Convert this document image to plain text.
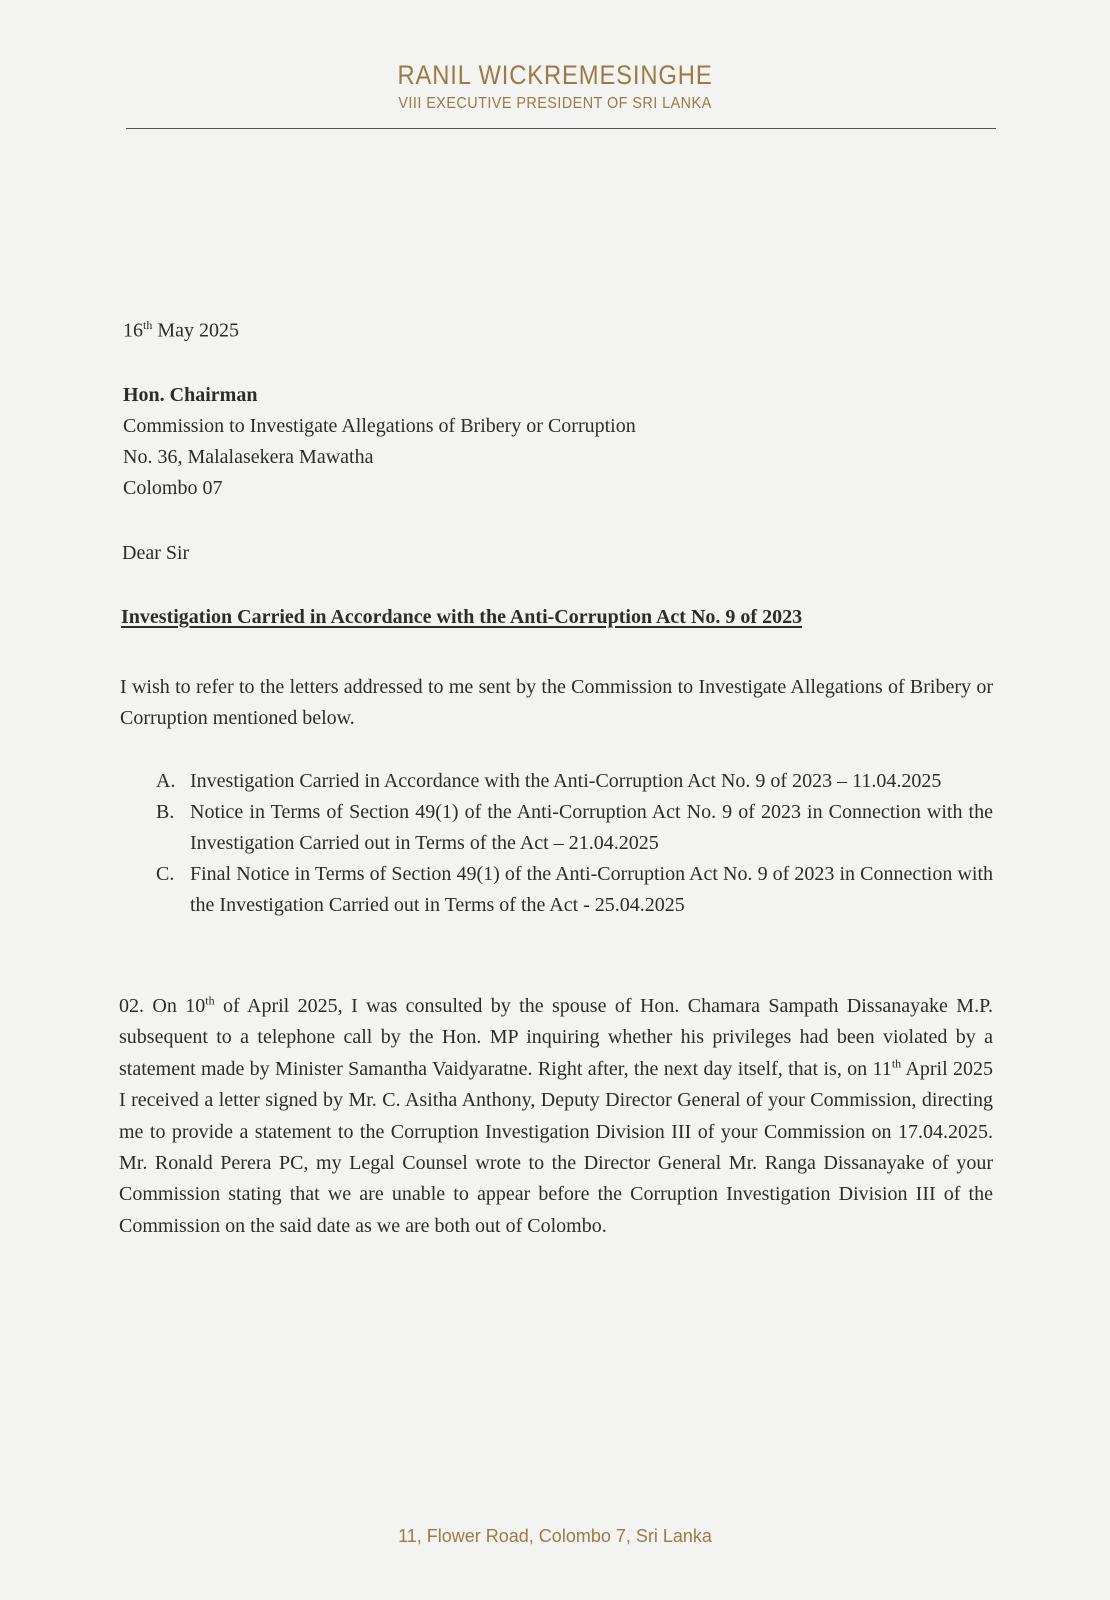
RANIL WICKREMESINGHE
VIII EXECUTIVE PRESIDENT OF SRI LANKA
16th May 2025
Hon. Chairman
Commission to Investigate Allegations of Bribery or Corruption
No. 36, Malalasekera Mawatha
Colombo 07
Dear Sir
Investigation Carried in Accordance with the Anti-Corruption Act No. 9 of 2023
I wish to refer to the letters addressed to me sent by the Commission to Investigate Allegations of Bribery or Corruption mentioned below.
A. Investigation Carried in Accordance with the Anti-Corruption Act No. 9 of 2023 – 11.04.2025
B. Notice in Terms of Section 49(1) of the Anti-Corruption Act No. 9 of 2023 in Connection with the Investigation Carried out in Terms of the Act – 21.04.2025
C. Final Notice in Terms of Section 49(1) of the Anti-Corruption Act No. 9 of 2023 in Connection with the Investigation Carried out in Terms of the Act - 25.04.2025
02. On 10th of April 2025, I was consulted by the spouse of Hon. Chamara Sampath Dissanayake M.P. subsequent to a telephone call by the Hon. MP inquiring whether his privileges had been violated by a statement made by Minister Samantha Vaidyaratne. Right after, the next day itself, that is, on 11th April 2025 I received a letter signed by Mr. C. Asitha Anthony, Deputy Director General of your Commission, directing me to provide a statement to the Corruption Investigation Division III of your Commission on 17.04.2025. Mr. Ronald Perera PC, my Legal Counsel wrote to the Director General Mr. Ranga Dissanayake of your Commission stating that we are unable to appear before the Corruption Investigation Division III of the Commission on the said date as we are both out of Colombo.
11, Flower Road, Colombo 7, Sri Lanka
